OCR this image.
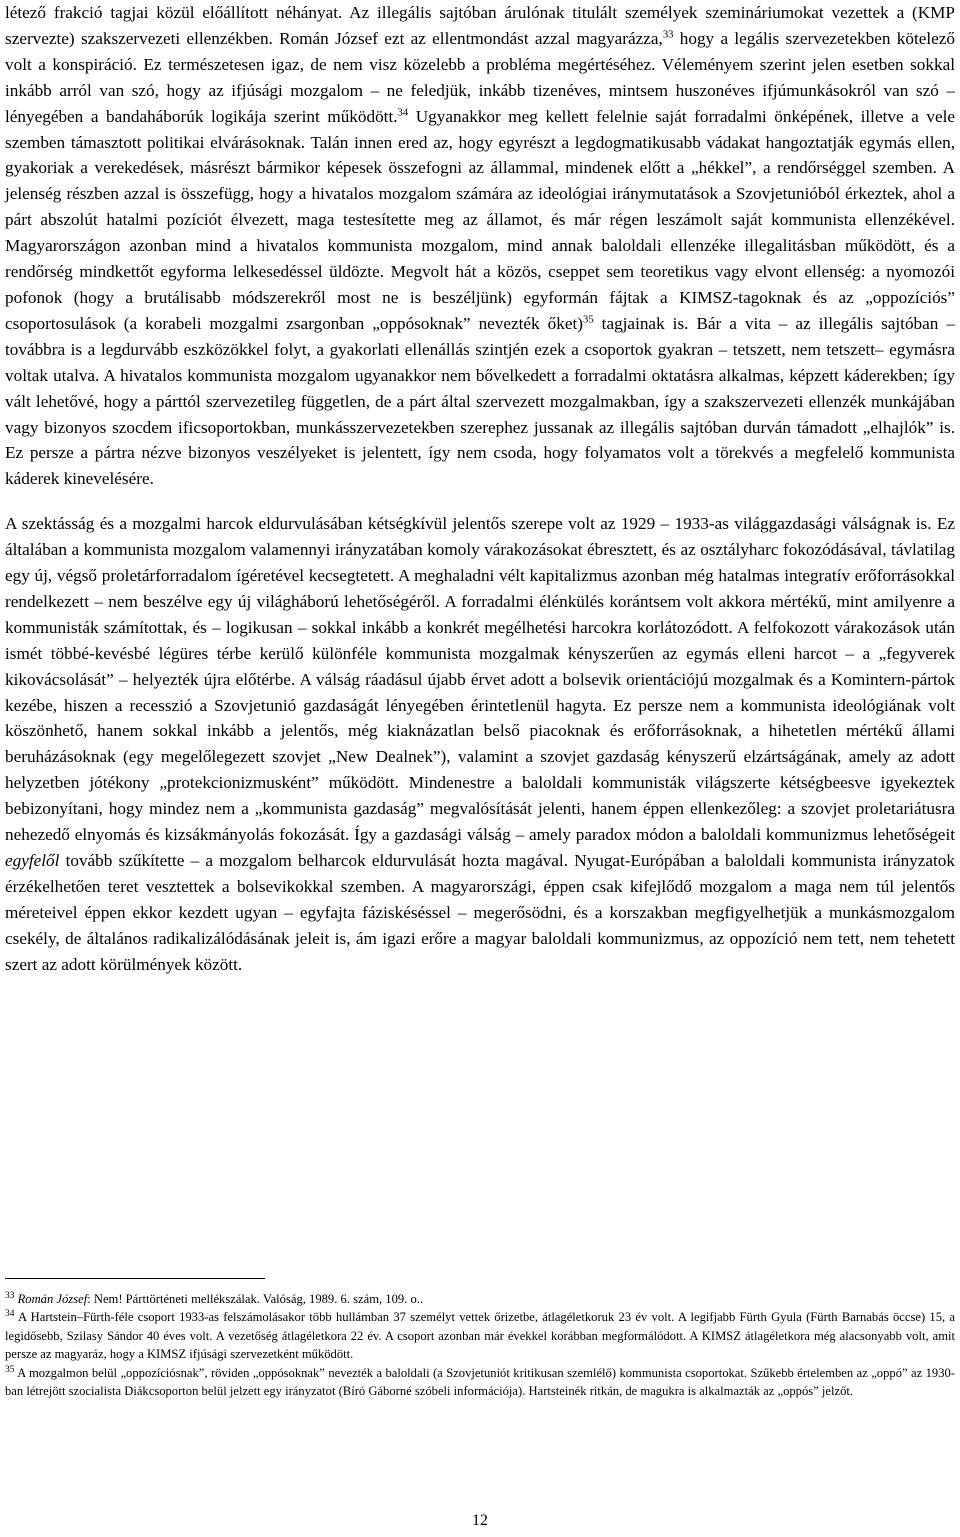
létező frakció tagjai közül előállított néhányat. Az illegális sajtóban árulónak titulált személyek szemináriumokat vezettek a (KMP szervezte) szakszervezeti ellenzékben. Román József ezt az ellentmondást azzal magyarázza,$^{33}$ hogy a legális szervezetekben kötelező volt a konspiráció. Ez természetesen igaz, de nem visz közelebb a probléma megértéséhez. Véleményem szerint jelen esetben sokkal inkább arról van szó, hogy az ifjúsági mozgalom – ne feledjük, inkább tizenéves, mintsem huszonéves ifjúmunkásokról van szó – lényegében a bandaháborúk logikája szerint működött.$^{34}$ Ugyanakkor meg kellett felelnie saját forradalmi önképének, illetve a vele szemben támasztott politikai elvárásoknak. Talán innen ered az, hogy egyrészt a legdogmatikusabb vádakat hangoztatják egymás ellen, gyakoriak a verekedések, másrészt bármikor képesek összefogni az állammal, mindenek előtt a „hékkel”, a rendőrséggel szemben. A jelenség részben azzal is összefügg, hogy a hivatalos mozgalom számára az ideológiai iránymutatások a Szovjetunióból érkeztek, ahol a párt abszolút hatalmi pozíciót élvezett, maga testesítette meg az államot, és már régen leszámolt saját kommunista ellenzékével. Magyarországon azonban mind a hivatalos kommunista mozgalom, mind annak baloldali ellenzéke illegalitásban működött, és a rendőrség mindkettőt egyforma lelkesedéssel üldözte. Megvolt hát a közös, cseppet sem teoretikus vagy elvont ellenség: a nyomozói pofonok (hogy a brutálisabb módszerekről most ne is beszéljünk) egyformán fájtak a KIMSZ-tagoknak és az „oppozíciós” csoportosulások (a korabeli mozgalmi zsargonban „oppósoknak” nevezték őket)$^{35}$ tagjainak is. Bár a vita – az illegális sajtóban – továbbra is a legdurvább eszközökkel folyt, a gyakorlati ellenállás szintjén ezek a csoportok gyakran – tetszett, nem tetszett– egymásra voltak utalva. A hivatalos kommunista mozgalom ugyanakkor nem bővelkedett a forradalmi oktatásra alkalmas, képzett káderekben; így vált lehetővé, hogy a párttól szervezetileg független, de a párt által szervezett mozgalmakban, így a szakszervezeti ellenzék munkájában vagy bizonyos szocdem ificsoportokban, munkásszervezetekben szerephez jussanak az illegális sajtóban durván támadott „elhajlók” is. Ez persze a pártra nézve bizonyos veszélyeket is jelentett, így nem csoda, hogy folyamatos volt a törekvés a megfelelő kommunista káderek kinevelésére.

A szektásság és a mozgalmi harcok eldurvulásában kétségkívül jelentős szerepe volt az 1929 – 1933-as világgazdasági válságnak is. Ez általában a kommunista mozgalom valamennyi irányzatában komoly várakozásokat ébresztett, és az osztályharc fokozódásával, távlatilag egy új, végső proletárforradalom ígéretével kecsegtetett. A meghaladni vélt kapitalizmus azonban még hatalmas integratív erőforrásokkal rendelkezett – nem beszélve egy új világháború lehetőségéről. A forradalmi élénkülés korántsem volt akkora mértékű, mint amilyenre a kommunisták számítottak, és – logikusan – sokkal inkább a konkrét megélhetési harcokra korlátozódott. A felfokozott várakozások után ismét többé-kevésbé légüres térbe kerülő különféle kommunista mozgalmak kényszerűen az egymás elleni harcot – a „fegyverek kikovácsolását” – helyezték újra előtérbe. A válság ráadásul újabb érvet adott a bolsevik orientációjú mozgalmak és a Komintern-pártok kezébe, hiszen a recesszió a Szovjetunió gazdaságát lényegében érintetlenül hagyta. Ez persze nem a kommunista ideológiának volt köszönhető, hanem sokkal inkább a jelentős, még kiaknázatlan belső piacoknak és erőforrásoknak, a hihetetlen mértékű állami beruházásoknak (egy megelőlegezett szovjet „New Dealnek”), valamint a szovjet gazdaság kényszerű elzártságának, amely az adott helyzetben jótékony „protekcionizmusként” működött. Mindenestre a baloldali kommunisták világszerte kétségbeesve igyekeztek bebizonyítani, hogy mindez nem a „kommunista gazdaság” megvalósítását jelenti, hanem éppen ellenkezőleg: a szovjet proletariátusra nehezedő elnyomás és kizsákmányolás fokozását. Így a gazdasági válság – amely paradox módon a baloldali kommunizmus lehetőségeit egyfelől tovább szűkítette – a mozgalom belharcok eldurvulását hozta magával. Nyugat-Európában a baloldali kommunista irányzatok érzékelhetően teret vesztettek a bolsevikokkal szemben. A magyarországi, éppen csak kifejlődő mozgalom a maga nem túl jelentős méreteivel éppen ekkor kezdett ugyan – egyfajta fáziskéséssel – megerősödni, és a korszakban megfigyelhetjük a munkásmozgalom csekély, de általános radikalizálódásának jeleit is, ám igazi erőre a magyar baloldali kommunizmus, az oppozíció nem tett, nem tehetett szert az adott körülmények között.

$^{33}$ Román József: Nem! Párttörténeti mellékszálak. Valóság, 1989. 6. szám, 109. o..

$^{34}$ A Hartstein–Fürth-féle csoport 1933-as felszámolásakor több hullámban 37 személyt vettek őrizetbe, átlagéletkoruk 23 év volt. A legifjabb Fürth Gyula (Fürth Barnabás öccse) 15, a legidősebb, Szilasy Sándor 40 éves volt. A vezetőség átlagéletkora 22 év. A csoport azonban már évekkel korábban megformálódott. A KIMSZ átlagéletkora még alacsonyabb volt, amit persze az magyaráz, hogy a KIMSZ ifjúsági szervezetként működött.

$^{35}$ A mozgalmon belül „oppozíciósnak”, röviden „oppósoknak” nevezték a baloldali (a Szovjetuniót kritikusan szemlélő) kommunista csoportokat. Szűkebb értelemben az „oppó” az 1930-ban létrejött szocialista Diákcsoporton belül jelzett egy irányzatot (Bíró Gáborné szóbeli információja). Hartsteinék ritkán, de magukra is alkalmazták az „oppós” jelzőt.

12
